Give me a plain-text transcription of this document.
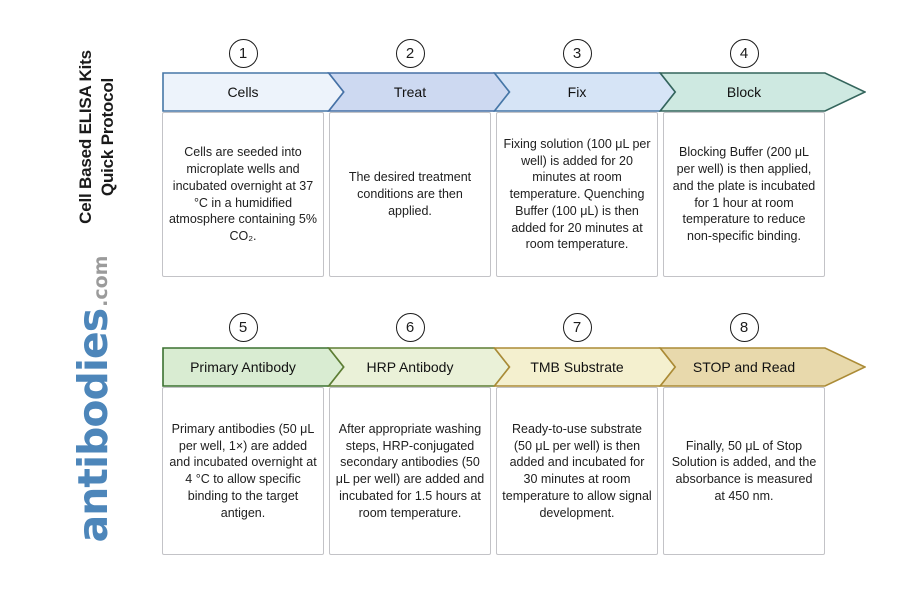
Cell Based ELISA Kits Quick Protocol
antibodies
.com
1	2	3	4
Cells	Treat	Fix	Block

Cells are seeded into microplate wells and incubated overnight at 37 °C in a humidified atmosphere containing 5% CO₂.

The desired treatment conditions are then applied.

Fixing solution (100 μL per well) is added for 20 minutes at room temperature. Quenching Buffer (100 μL) is then added for 20 minutes at room temperature.

Blocking Buffer (200 μL per well) is then applied, and the plate is incubated for 1 hour at room temperature to reduce non-specific binding.

5	6	7	8
Primary Antibody	HRP Antibody	TMB Substrate	STOP and Read

Primary antibodies (50 μL per well, 1×) are added and incubated overnight at 4 °C to allow specific binding to the target antigen.

After appropriate washing steps, HRP-conjugated secondary antibodies (50 μL per well) are added and incubated for 1.5 hours at room temperature.

Ready-to-use substrate (50 μL per well) is then added and incubated for 30 minutes at room temperature to allow signal development.

Finally, 50 μL of Stop Solution is added, and the absorbance is measured at 450 nm.
